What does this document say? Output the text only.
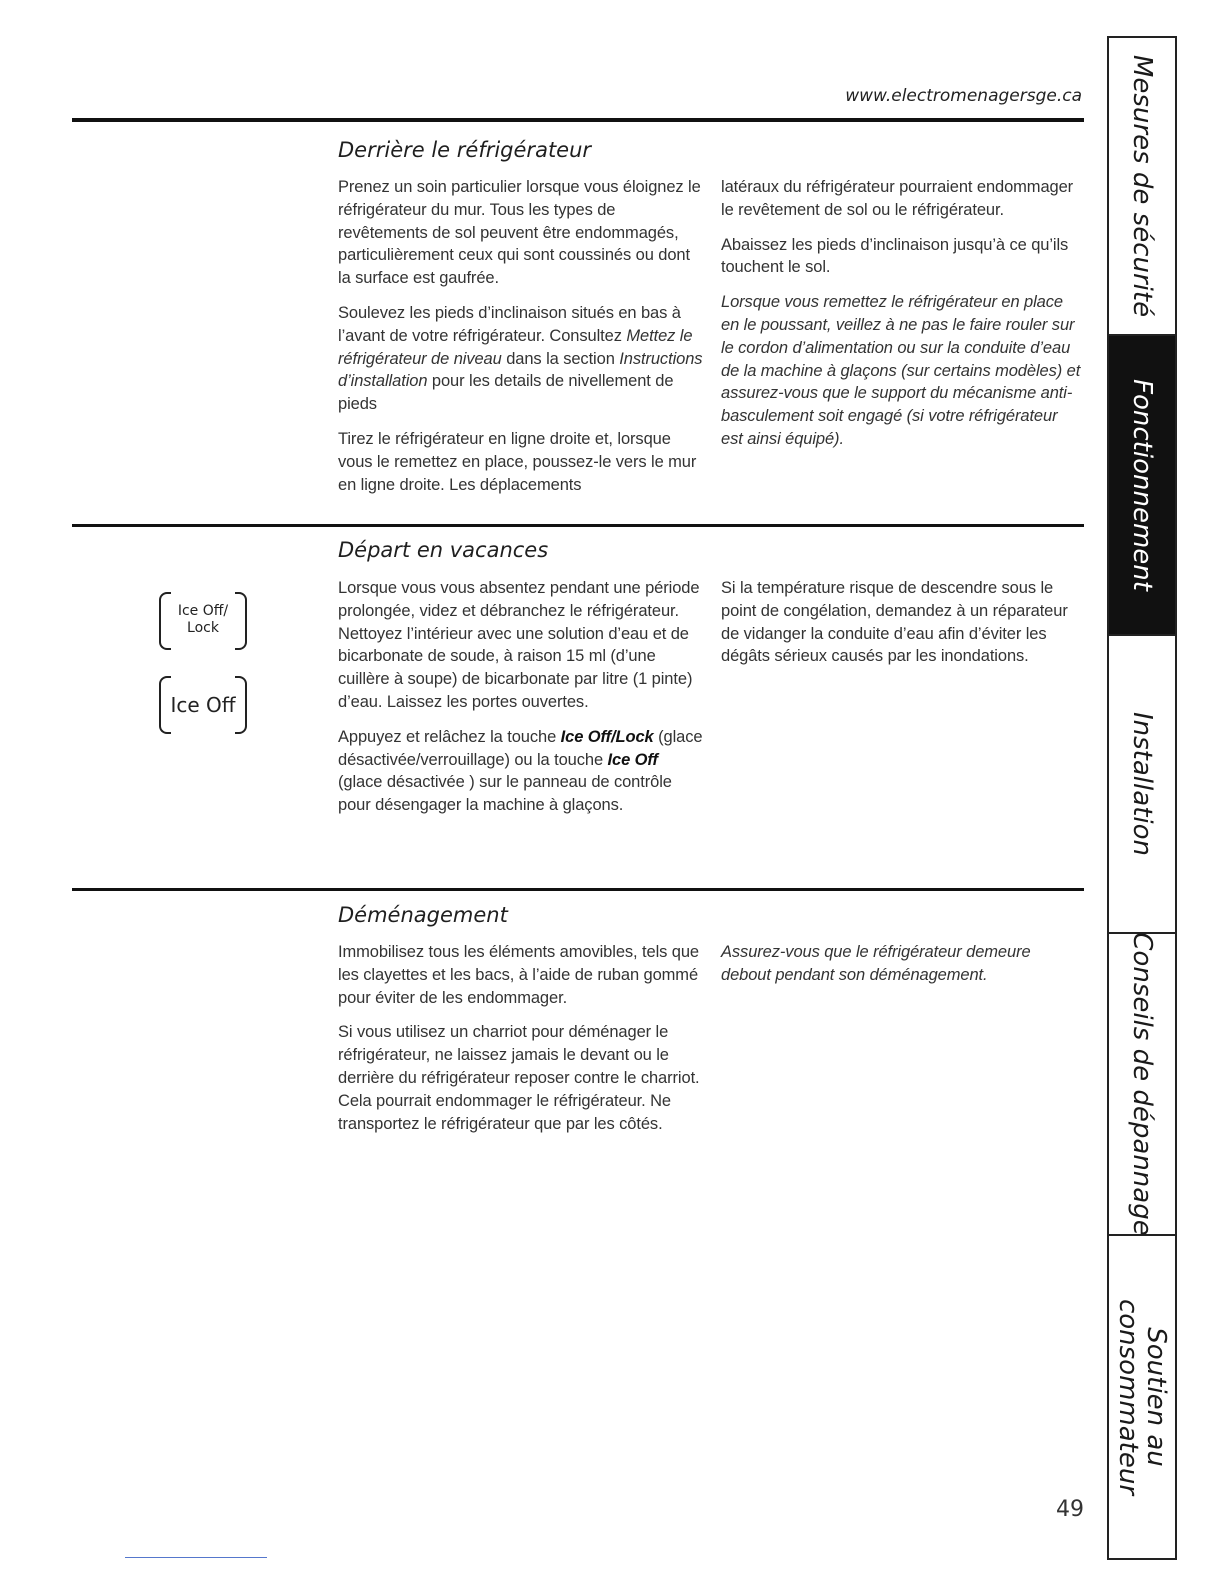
www.electromenagersge.ca
Derrière le réfrigérateur

Prenez un soin particulier lorsque vous éloignez le réfrigérateur du mur. Tous les types de revêtements de sol peuvent être endommagés, particulièrement ceux qui sont coussinés ou dont la surface est gaufrée.

Soulevez les pieds d’inclinaison situés en bas à l’avant de votre réfrigérateur. Consultez Mettez le réfrigérateur de niveau dans la section Instructions d’installation pour les details de nivellement de pieds

Tirez le réfrigérateur en ligne droite et, lorsque vous le remettez en place, poussez-le vers le mur en ligne droite. Les déplacements

latéraux du réfrigérateur pourraient endommager le revêtement de sol ou le réfrigérateur.

Abaissez les pieds d’inclinaison jusqu’à ce qu’ils touchent le sol.

Lorsque vous remettez le réfrigérateur en place en le poussant, veillez à ne pas le faire rouler sur le cordon d’alimentation ou sur la conduite d’eau de la machine à glaçons (sur certains modèles) et assurez-vous que le support du mécanisme anti-basculement soit engagé (si votre réfrigérateur est ainsi équipé).

Départ en vacances
Ice Off/
Lock
Ice Off

Lorsque vous vous absentez pendant une période prolongée, videz et débranchez le réfrigérateur. Nettoyez l’intérieur avec une solution d’eau et de bicarbonate de soude, à raison 15 ml (d’une cuillère à soupe) de bicarbonate par litre (1 pinte) d’eau. Laissez les portes ouvertes.

Appuyez et relâchez la touche Ice Off/Lock (glace désactivée/verrouillage) ou la touche Ice Off (glace désactivée ) sur le panneau de contrôle pour désengager la machine à glaçons.

Si la température risque de descendre sous le point de congélation, demandez à un réparateur de vidanger la conduite d’eau afin d’éviter les dégâts sérieux causés par les inondations.

Déménagement

Immobilisez tous les éléments amovibles, tels que les clayettes et les bacs, à l’aide de ruban gommé pour éviter de les endommager.

Si vous utilisez un charriot pour déménager le réfrigérateur, ne laissez jamais le devant ou le derrière du réfrigérateur reposer contre le charriot. Cela pourrait endommager le réfrigérateur. Ne transportez le réfrigérateur que par les côtés.

Assurez-vous que le réfrigérateur demeure debout pendant son déménagement.

Mesures de sécurité
Fonctionnement
Installation
Conseils de dépannage
Soutien au
consommateur
49
